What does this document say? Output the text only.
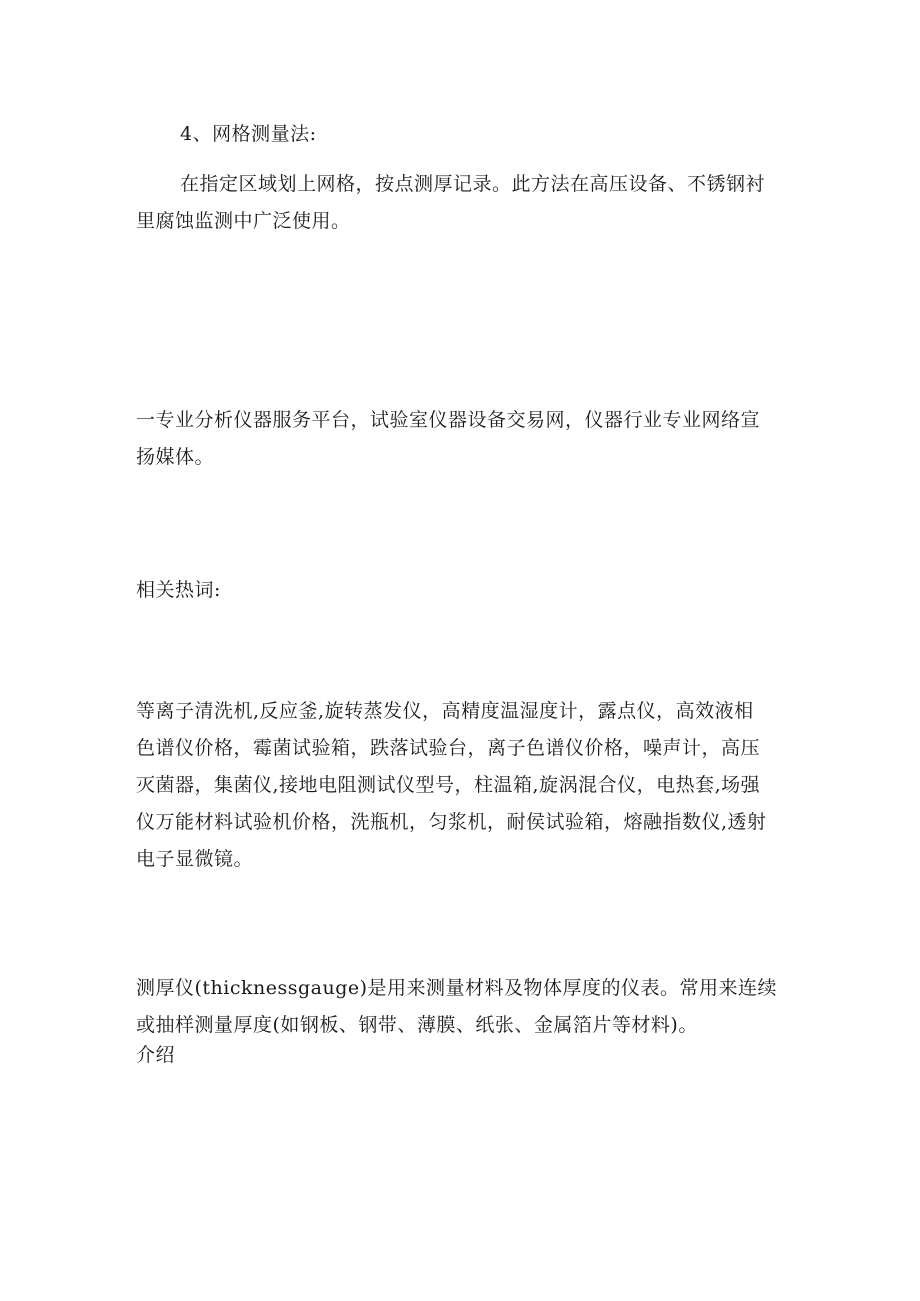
4、网格测量法:

在指定区域划上网格，按点测厚记录。此方法在高压设备、不锈钢衬
里腐蚀监测中广泛使用。

一专业分析仪器服务平台，试验室仪器设备交易网，仪器行业专业网络宣
扬媒体。

相关热词:

等离子清洗机,反应釜,旋转蒸发仪，高精度温湿度计，露点仪，高效液相
色谱仪价格，霉菌试验箱，跌落试验台，离子色谱仪价格，噪声计，高压
灭菌器，集菌仪,接地电阻测试仪型号，柱温箱,旋涡混合仪，电热套,场强
仪万能材料试验机价格，洗瓶机，匀浆机，耐侯试验箱，熔融指数仪,透射
电子显微镜。

测厚仪(thicknessgauge)是用来测量材料及物体厚度的仪表。常用来连续
或抽样测量厚度(如钢板、钢带、薄膜、纸张、金属箔片等材料)。

介绍
